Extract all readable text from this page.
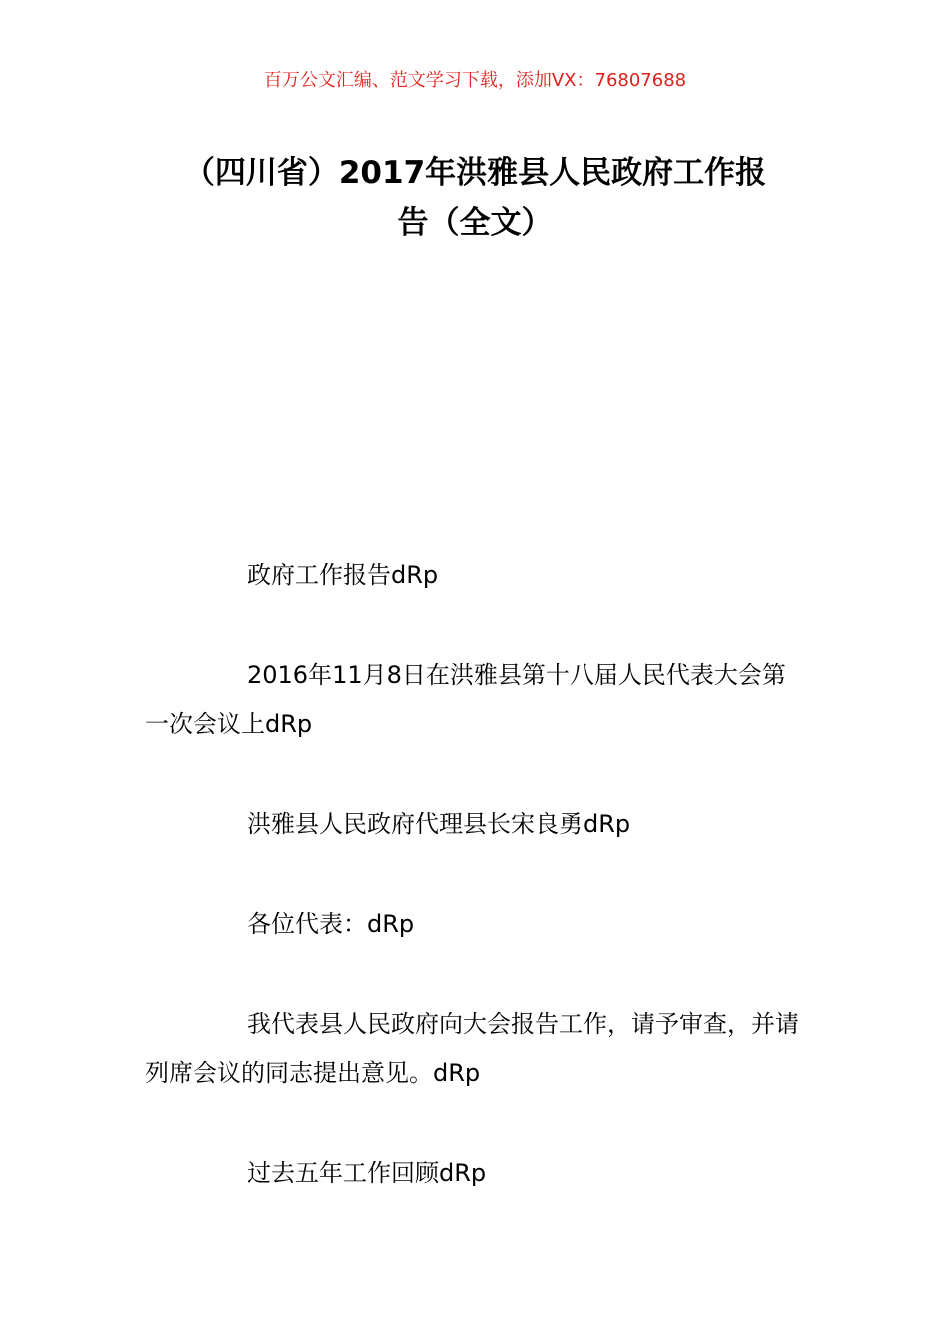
百万公文汇编、范文学习下载，添加VX：76807688
（四川省）2017年洪雅县人民政府工作报
告（全文）

政府工作报告dRp

2016年11月8日在洪雅县第十八届人民代表大会第一次会议上dRp

洪雅县人民政府代理县长宋良勇dRp

各位代表：dRp

我代表县人民政府向大会报告工作，请予审查，并请列席会议的同志提出意见。dRp

过去五年工作回顾dRp
